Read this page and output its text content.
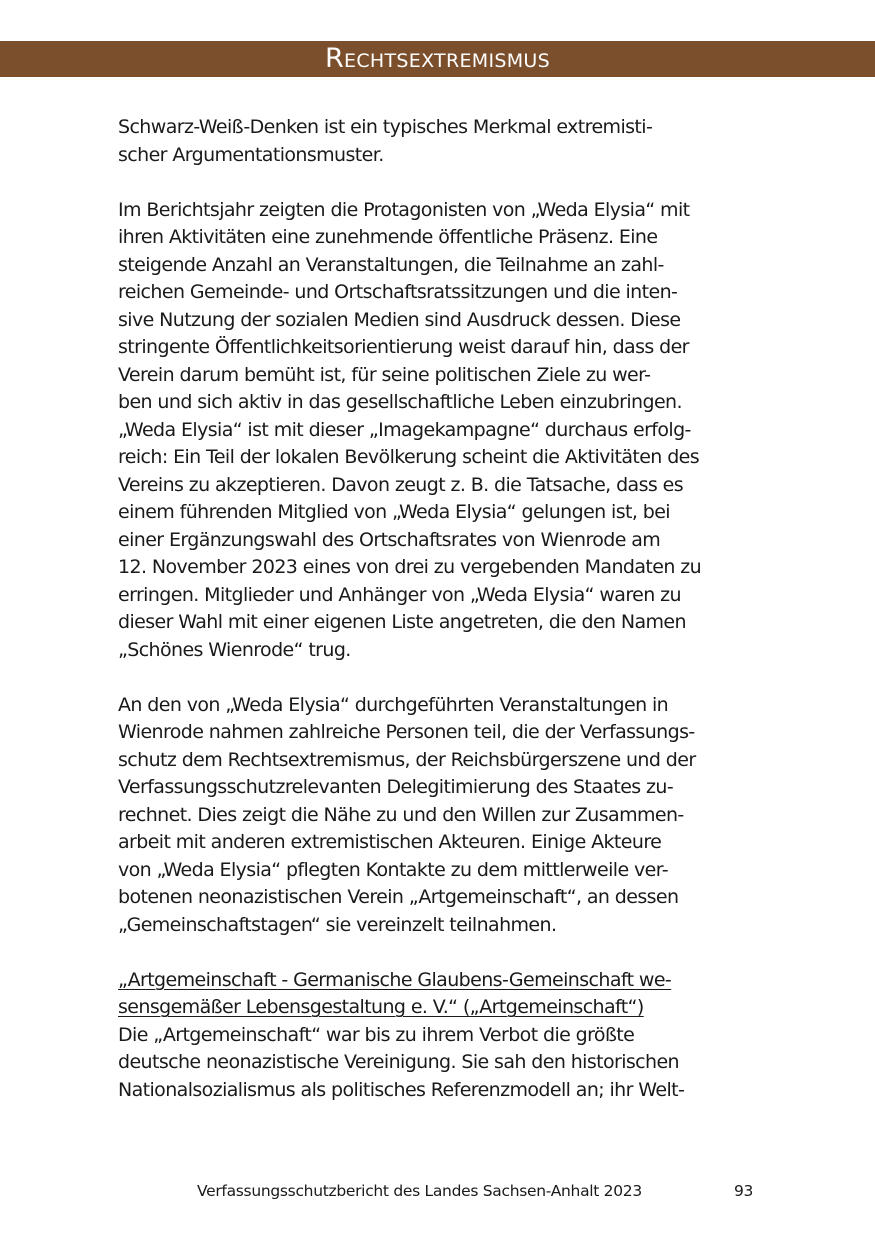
Rechtsextremismus
Schwarz-Weiß-Denken ist ein typisches Merkmal extremisti-
scher Argumentationsmuster.
Im Berichtsjahr zeigten die Protagonisten von „Weda Elysia“ mit
ihren Aktivitäten eine zunehmende öffentliche Präsenz. Eine
steigende Anzahl an Veranstaltungen, die Teilnahme an zahl-
reichen Gemeinde- und Ortschaftsratssitzungen und die inten-
sive Nutzung der sozialen Medien sind Ausdruck dessen. Diese
stringente Öffentlichkeitsorientierung weist darauf hin, dass der
Verein darum bemüht ist, für seine politischen Ziele zu wer-
ben und sich aktiv in das gesellschaftliche Leben einzubringen.
„Weda Elysia“ ist mit dieser „Imagekampagne“ durchaus erfolg-
reich: Ein Teil der lokalen Bevölkerung scheint die Aktivitäten des
Vereins zu akzeptieren. Davon zeugt z. B. die Tatsache, dass es
einem führenden Mitglied von „Weda Elysia“ gelungen ist, bei
einer Ergänzungswahl des Ortschaftsrates von Wienrode am
12. November 2023 eines von drei zu vergebenden Mandaten zu
erringen. Mitglieder und Anhänger von „Weda Elysia“ waren zu
dieser Wahl mit einer eigenen Liste angetreten, die den Namen
„Schönes Wienrode“ trug.
An den von „Weda Elysia“ durchgeführten Veranstaltungen in
Wienrode nahmen zahlreiche Personen teil, die der Verfassungs-
schutz dem Rechtsextremismus, der Reichsbürgerszene und der
Verfassungsschutzrelevanten Delegitimierung des Staates zu-
rechnet. Dies zeigt die Nähe zu und den Willen zur Zusammen-
arbeit mit anderen extremistischen Akteuren. Einige Akteure
von „Weda Elysia“ pflegten Kontakte zu dem mittlerweile ver-
botenen neonazistischen Verein „Artgemeinschaft“, an dessen
„Gemeinschaftstagen“ sie vereinzelt teilnahmen.
„Artgemeinschaft - Germanische Glaubens-Gemeinschaft we-
sensgemäßer Lebensgestaltung e. V.“ („Artgemeinschaft“)
Die „Artgemeinschaft“ war bis zu ihrem Verbot die größte
deutsche neonazistische Vereinigung. Sie sah den historischen
Nationalsozialismus als politisches Referenzmodell an; ihr Welt-
Verfassungsschutzbericht des Landes Sachsen-Anhalt 2023	93
